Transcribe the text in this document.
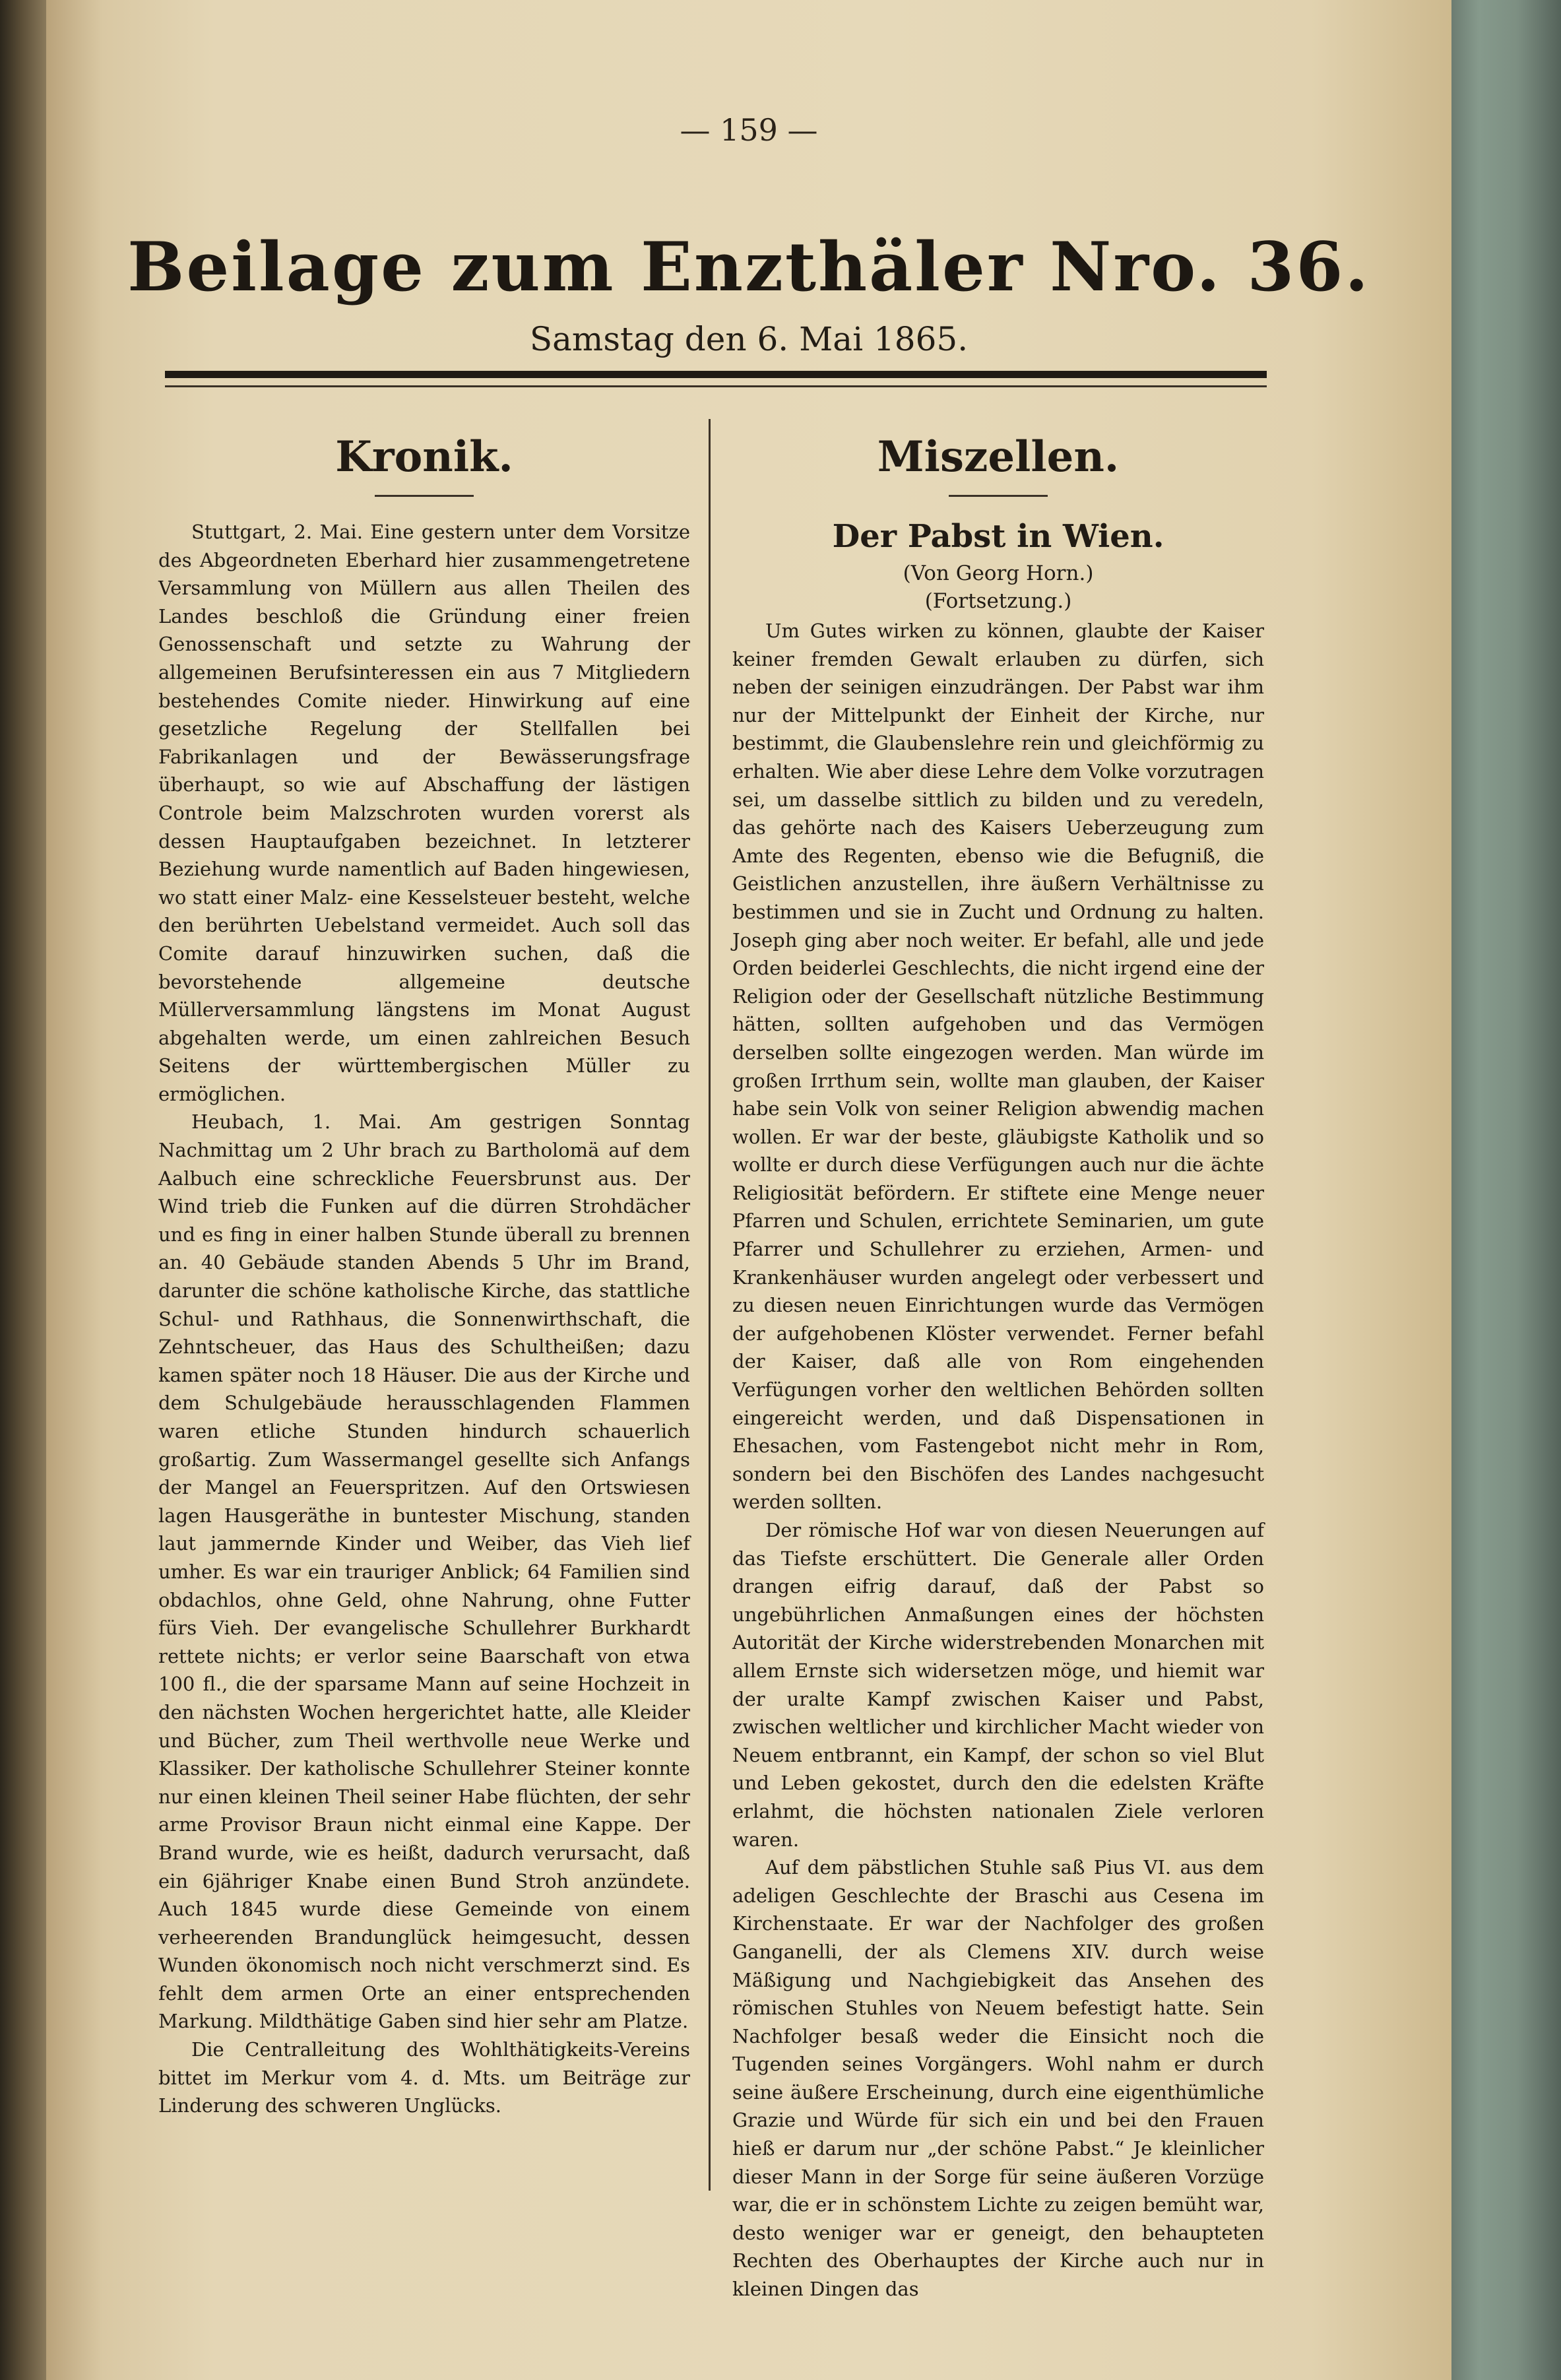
— 159 —
Beilage zum Enzthäler Nro. 36.
Samstag den 6. Mai 1865.
Kronik.

Stuttgart, 2. Mai. Eine gestern unter dem Vorsitze des Abgeordneten Eberhard hier zusammengetretene Versammlung von Müllern aus allen Theilen des Landes beschloß die Gründung einer freien Genossenschaft und setzte zu Wahrung der allgemeinen Berufsinteressen ein aus 7 Mitgliedern bestehendes Comite nieder. Hinwirkung auf eine gesetzliche Regelung der Stellfallen bei Fabrikanlagen und der Bewässerungsfrage überhaupt, so wie auf Abschaffung der lästigen Controle beim Malzschroten wurden vorerst als dessen Hauptaufgaben bezeichnet. In letzterer Beziehung wurde namentlich auf Baden hingewiesen, wo statt einer Malz- eine Kesselsteuer besteht, welche den berührten Uebelstand vermeidet. Auch soll das Comite darauf hinzuwirken suchen, daß die bevorstehende allgemeine deutsche Müllerversammlung längstens im Monat August abgehalten werde, um einen zahlreichen Besuch Seitens der württembergischen Müller zu ermöglichen.

Heubach, 1. Mai. Am gestrigen Sonntag Nachmittag um 2 Uhr brach zu Bartholomä auf dem Aalbuch eine schreckliche Feuersbrunst aus. Der Wind trieb die Funken auf die dürren Strohdächer und es fing in einer halben Stunde überall zu brennen an. 40 Gebäude standen Abends 5 Uhr im Brand, darunter die schöne katholische Kirche, das stattliche Schul- und Rathhaus, die Sonnenwirthschaft, die Zehntscheuer, das Haus des Schultheißen; dazu kamen später noch 18 Häuser. Die aus der Kirche und dem Schulgebäude herausschlagenden Flammen waren etliche Stunden hindurch schauerlich großartig. Zum Wassermangel gesellte sich Anfangs der Mangel an Feuerspritzen. Auf den Ortswiesen lagen Hausgeräthe in buntester Mischung, standen laut jammernde Kinder und Weiber, das Vieh lief umher. Es war ein trauriger Anblick; 64 Familien sind obdachlos, ohne Geld, ohne Nahrung, ohne Futter fürs Vieh. Der evangelische Schullehrer Burkhardt rettete nichts; er verlor seine Baarschaft von etwa 100 fl., die der sparsame Mann auf seine Hochzeit in den nächsten Wochen hergerichtet hatte, alle Kleider und Bücher, zum Theil werthvolle neue Werke und Klassiker. Der katholische Schullehrer Steiner konnte nur einen kleinen Theil seiner Habe flüchten, der sehr arme Provisor Braun nicht einmal eine Kappe. Der Brand wurde, wie es heißt, dadurch verursacht, daß ein 6jähriger Knabe einen Bund Stroh anzündete. Auch 1845 wurde diese Gemeinde von einem verheerenden Brandunglück heimgesucht, dessen Wunden ökonomisch noch nicht verschmerzt sind. Es fehlt dem armen Orte an einer entsprechenden Markung. Mildthätige Gaben sind hier sehr am Platze.

Die Centralleitung des Wohlthätigkeits-Vereins bittet im Merkur vom 4. d. Mts. um Beiträge zur Linderung des schweren Unglücks.

Miszellen.
Der Pabst in Wien.
(Von Georg Horn.)
(Fortsetzung.)

Um Gutes wirken zu können, glaubte der Kaiser keiner fremden Gewalt erlauben zu dürfen, sich neben der seinigen einzudrängen. Der Pabst war ihm nur der Mittelpunkt der Einheit der Kirche, nur bestimmt, die Glaubenslehre rein und gleichförmig zu erhalten. Wie aber diese Lehre dem Volke vorzutragen sei, um dasselbe sittlich zu bilden und zu veredeln, das gehörte nach des Kaisers Ueberzeugung zum Amte des Regenten, ebenso wie die Befugniß, die Geistlichen anzustellen, ihre äußern Verhältnisse zu bestimmen und sie in Zucht und Ordnung zu halten. Joseph ging aber noch weiter. Er befahl, alle und jede Orden beiderlei Geschlechts, die nicht irgend eine der Religion oder der Gesellschaft nützliche Bestimmung hätten, sollten aufgehoben und das Vermögen derselben sollte eingezogen werden. Man würde im großen Irrthum sein, wollte man glauben, der Kaiser habe sein Volk von seiner Religion abwendig machen wollen. Er war der beste, gläubigste Katholik und so wollte er durch diese Verfügungen auch nur die ächte Religiosität befördern. Er stiftete eine Menge neuer Pfarren und Schulen, errichtete Seminarien, um gute Pfarrer und Schullehrer zu erziehen, Armen- und Krankenhäuser wurden angelegt oder verbessert und zu diesen neuen Einrichtungen wurde das Vermögen der aufgehobenen Klöster verwendet. Ferner befahl der Kaiser, daß alle von Rom eingehenden Verfügungen vorher den weltlichen Behörden sollten eingereicht werden, und daß Dispensationen in Ehesachen, vom Fastengebot nicht mehr in Rom, sondern bei den Bischöfen des Landes nachgesucht werden sollten.

Der römische Hof war von diesen Neuerungen auf das Tiefste erschüttert. Die Generale aller Orden drangen eifrig darauf, daß der Pabst so ungebührlichen Anmaßungen eines der höchsten Autorität der Kirche widerstrebenden Monarchen mit allem Ernste sich widersetzen möge, und hiemit war der uralte Kampf zwischen Kaiser und Pabst, zwischen weltlicher und kirchlicher Macht wieder von Neuem entbrannt, ein Kampf, der schon so viel Blut und Leben gekostet, durch den die edelsten Kräfte erlahmt, die höchsten nationalen Ziele verloren waren.

Auf dem päbstlichen Stuhle saß Pius VI. aus dem adeligen Geschlechte der Braschi aus Cesena im Kirchenstaate. Er war der Nachfolger des großen Ganganelli, der als Clemens XIV. durch weise Mäßigung und Nachgiebigkeit das Ansehen des römischen Stuhles von Neuem befestigt hatte. Sein Nachfolger besaß weder die Einsicht noch die Tugenden seines Vorgängers. Wohl nahm er durch seine äußere Erscheinung, durch eine eigenthümliche Grazie und Würde für sich ein und bei den Frauen hieß er darum nur „der schöne Pabst.“ Je kleinlicher dieser Mann in der Sorge für seine äußeren Vorzüge war, die er in schönstem Lichte zu zeigen bemüht war, desto weniger war er geneigt, den behaupteten Rechten des Oberhauptes der Kirche auch nur in kleinen Dingen das
